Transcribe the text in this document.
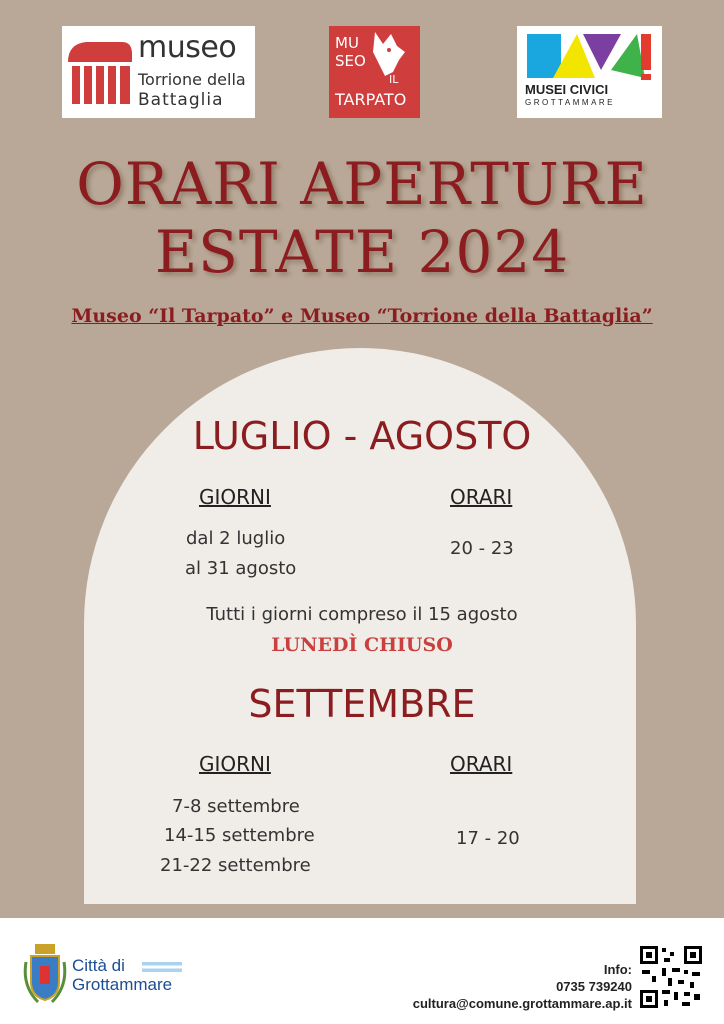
museo
Torrione della
Battaglia
MU
SEO
IL
TARPATO
MUSEI CIVICI
GROTTAMMARE
ORARI APERTURE
ESTATE 2024
Museo “Il Tarpato” e Museo “Torrione della Battaglia”
LUGLIO - AGOSTO
GIORNI	ORARI
dal 2 luglio
al 31 agosto
20 - 23
Tutti i giorni compreso il 15 agosto
LUNEDÌ CHIUSO
SETTEMBRE
GIORNI	ORARI
7-8 settembre
14-15 settembre
21-22 settembre
17 - 20
Città di
Grottammare
Info:
0735 739240
cultura@comune.grottammare.ap.it
